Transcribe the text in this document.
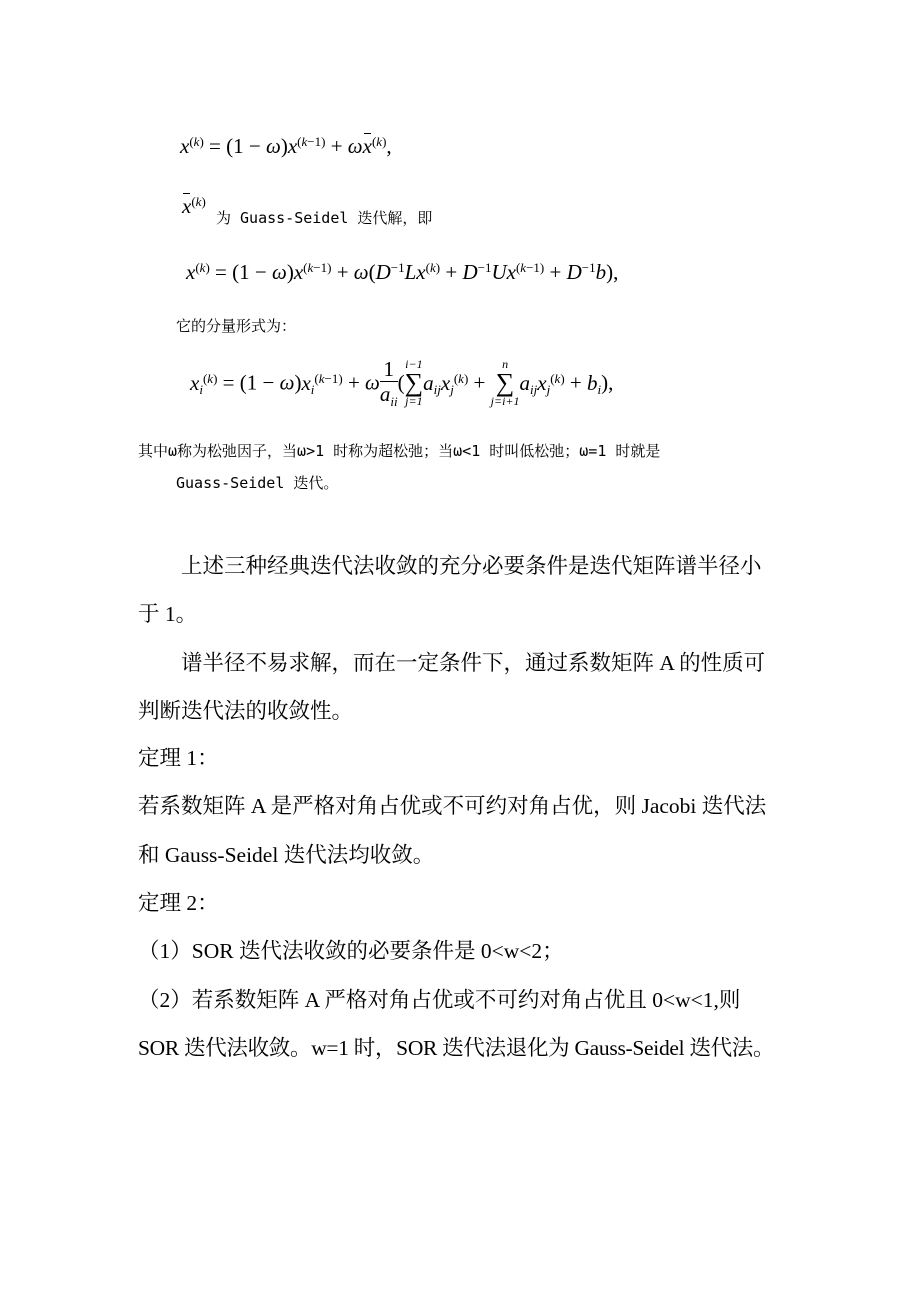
$x^{(k)} = (1 - \omega)x^{(k-1)} + \omega x^{(k)}$,
$x^{(k)}$
为 Guass-Seidel 迭代解，即
$x^{(k)} = (1 - \omega)x^{(k-1)} + \omega(D^{-1}Lx^{(k)} + D^{-1}Ux^{(k-1)} + D^{-1}b)$,
它的分量形式为：
$x_i^{(k)} = (1 - \omega)x_i^{(k-1)} + \omega \frac{1}{a_{ii}}$ (
i−1
∑
j=1
$a_{ij}x_j^{(k)}$ +
n
∑
j=i+1
$a_{ij}x_j^{(k)} + b_i$),
其中ω称为松弛因子，当ω>1 时称为超松弛；当ω<1 时叫低松弛；ω=1 时就是
Guass-Seidel 迭代。
上述三种经典迭代法收敛的充分必要条件是迭代矩阵谱半径小
于 1。
谱半径不易求解，而在一定条件下，通过系数矩阵 A 的性质可
判断迭代法的收敛性。
定理 1：
若系数矩阵 A 是严格对角占优或不可约对角占优，则 Jacobi 迭代法
和 Gauss-Seidel 迭代法均收敛。
定理 2：
（1）SOR 迭代法收敛的必要条件是 0<w<2；
（2）若系数矩阵 A 严格对角占优或不可约对角占优且 0<w<1,则
SOR 迭代法收敛。w=1 时，SOR 迭代法退化为 Gauss-Seidel 迭代法。
